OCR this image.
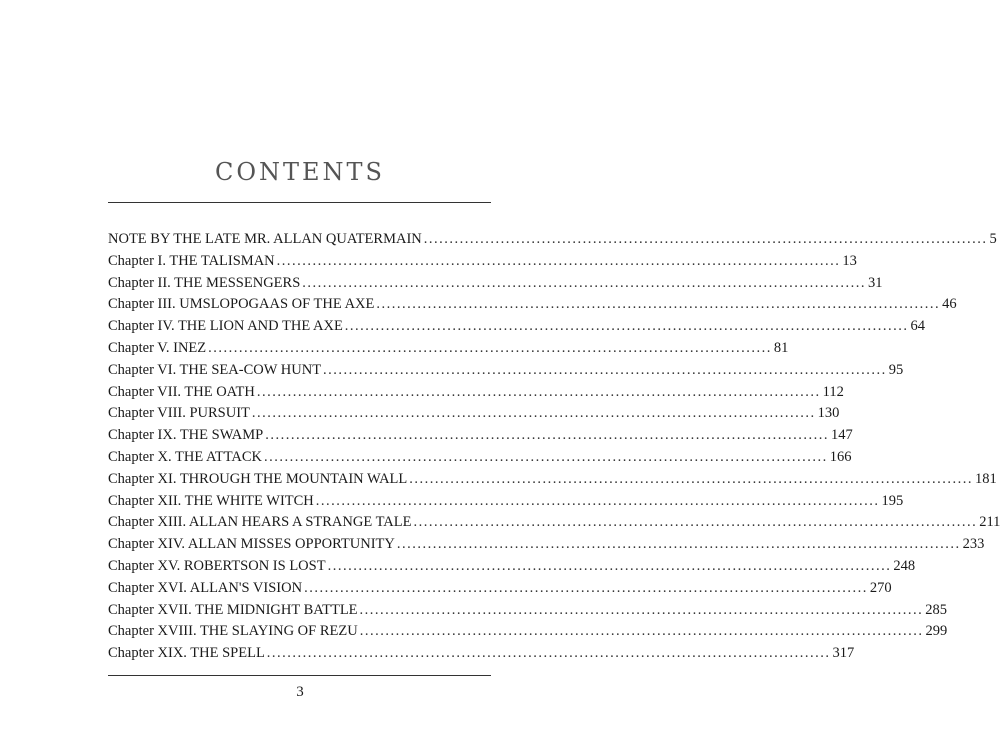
CONTENTS
NOTE BY THE LATE MR. ALLAN QUATERMAIN .............................................................................................................. 5
Chapter I. THE TALISMAN .............................................................................................................. 13
Chapter II. THE MESSENGERS .............................................................................................................. 31
Chapter III. UMSLOPOGAAS OF THE AXE .............................................................................................................. 46
Chapter IV. THE LION AND THE AXE .............................................................................................................. 64
Chapter V. INEZ .............................................................................................................. 81
Chapter VI. THE SEA-COW HUNT .............................................................................................................. 95
Chapter VII. THE OATH .............................................................................................................. 112
Chapter VIII. PURSUIT .............................................................................................................. 130
Chapter IX. THE SWAMP .............................................................................................................. 147
Chapter X. THE ATTACK .............................................................................................................. 166
Chapter XI. THROUGH THE MOUNTAIN WALL .............................................................................................................. 181
Chapter XII. THE WHITE WITCH .............................................................................................................. 195
Chapter XIII. ALLAN HEARS A STRANGE TALE .............................................................................................................. 211
Chapter XIV. ALLAN MISSES OPPORTUNITY .............................................................................................................. 233
Chapter XV. ROBERTSON IS LOST .............................................................................................................. 248
Chapter XVI. ALLAN'S VISION .............................................................................................................. 270
Chapter XVII. THE MIDNIGHT BATTLE .............................................................................................................. 285
Chapter XVIII. THE SLAYING OF REZU .............................................................................................................. 299
Chapter XIX. THE SPELL .............................................................................................................. 317
3
